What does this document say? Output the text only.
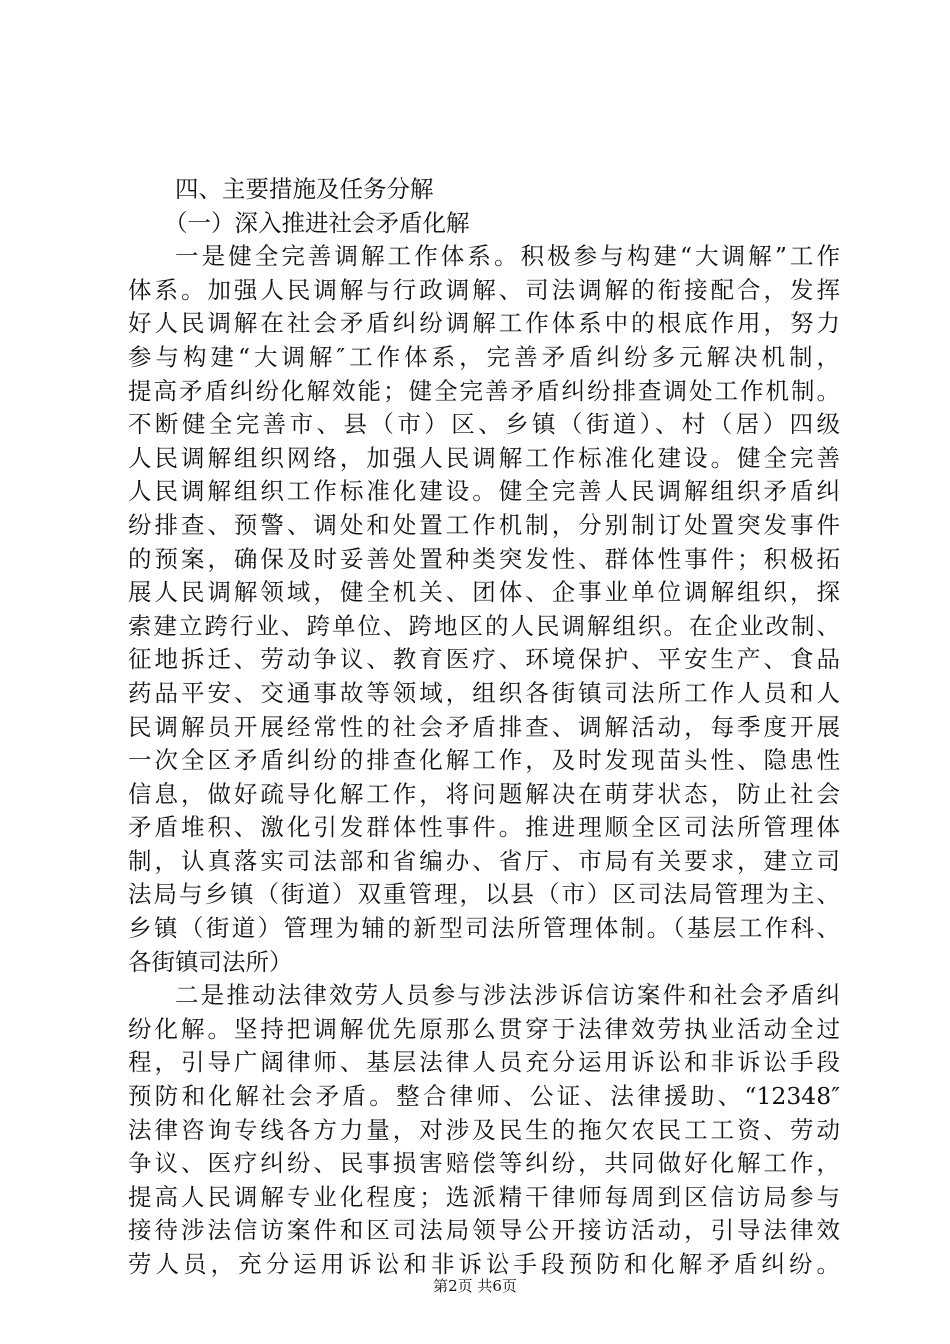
四、主要措施及任务分解
（一）深入推进社会矛盾化解
一是健全完善调解工作体系。积极参与构建“大调解”工作
体系。加强人民调解与行政调解、司法调解的衔接配合，发挥
好人民调解在社会矛盾纠纷调解工作体系中的根底作用，努力
参与构建“大调解″工作体系，完善矛盾纠纷多元解决机制，
提高矛盾纠纷化解效能；健全完善矛盾纠纷排查调处工作机制。
不断健全完善市、县（市）区、乡镇（街道）、村（居）四级
人民调解组织网络，加强人民调解工作标准化建设。健全完善
人民调解组织工作标准化建设。健全完善人民调解组织矛盾纠
纷排查、预警、调处和处置工作机制，分别制订处置突发事件
的预案，确保及时妥善处置种类突发性、群体性事件；积极拓
展人民调解领域，健全机关、团体、企事业单位调解组织，探
索建立跨行业、跨单位、跨地区的人民调解组织。在企业改制、
征地拆迁、劳动争议、教育医疗、环境保护、平安生产、食品
药品平安、交通事故等领域，组织各街镇司法所工作人员和人
民调解员开展经常性的社会矛盾排查、调解活动，每季度开展
一次全区矛盾纠纷的排查化解工作，及时发现苗头性、隐患性
信息，做好疏导化解工作，将问题解决在萌芽状态，防止社会
矛盾堆积、激化引发群体性事件。推进理顺全区司法所管理体
制，认真落实司法部和省编办、省厅、市局有关要求，建立司
法局与乡镇（街道）双重管理，以县（市）区司法局管理为主、
乡镇（街道）管理为辅的新型司法所管理体制。（基层工作科、
各街镇司法所）
二是推动法律效劳人员参与涉法涉诉信访案件和社会矛盾纠
纷化解。坚持把调解优先原那么贯穿于法律效劳执业活动全过
程，引导广阔律师、基层法律人员充分运用诉讼和非诉讼手段
预防和化解社会矛盾。整合律师、公证、法律援助、“12348″
法律咨询专线各方力量，对涉及民生的拖欠农民工工资、劳动
争议、医疗纠纷、民事损害赔偿等纠纷，共同做好化解工作，
提高人民调解专业化程度；选派精干律师每周到区信访局参与
接待涉法信访案件和区司法局领导公开接访活动，引导法律效
劳人员，充分运用诉讼和非诉讼手段预防和化解矛盾纠纷。
第2页 共6页
